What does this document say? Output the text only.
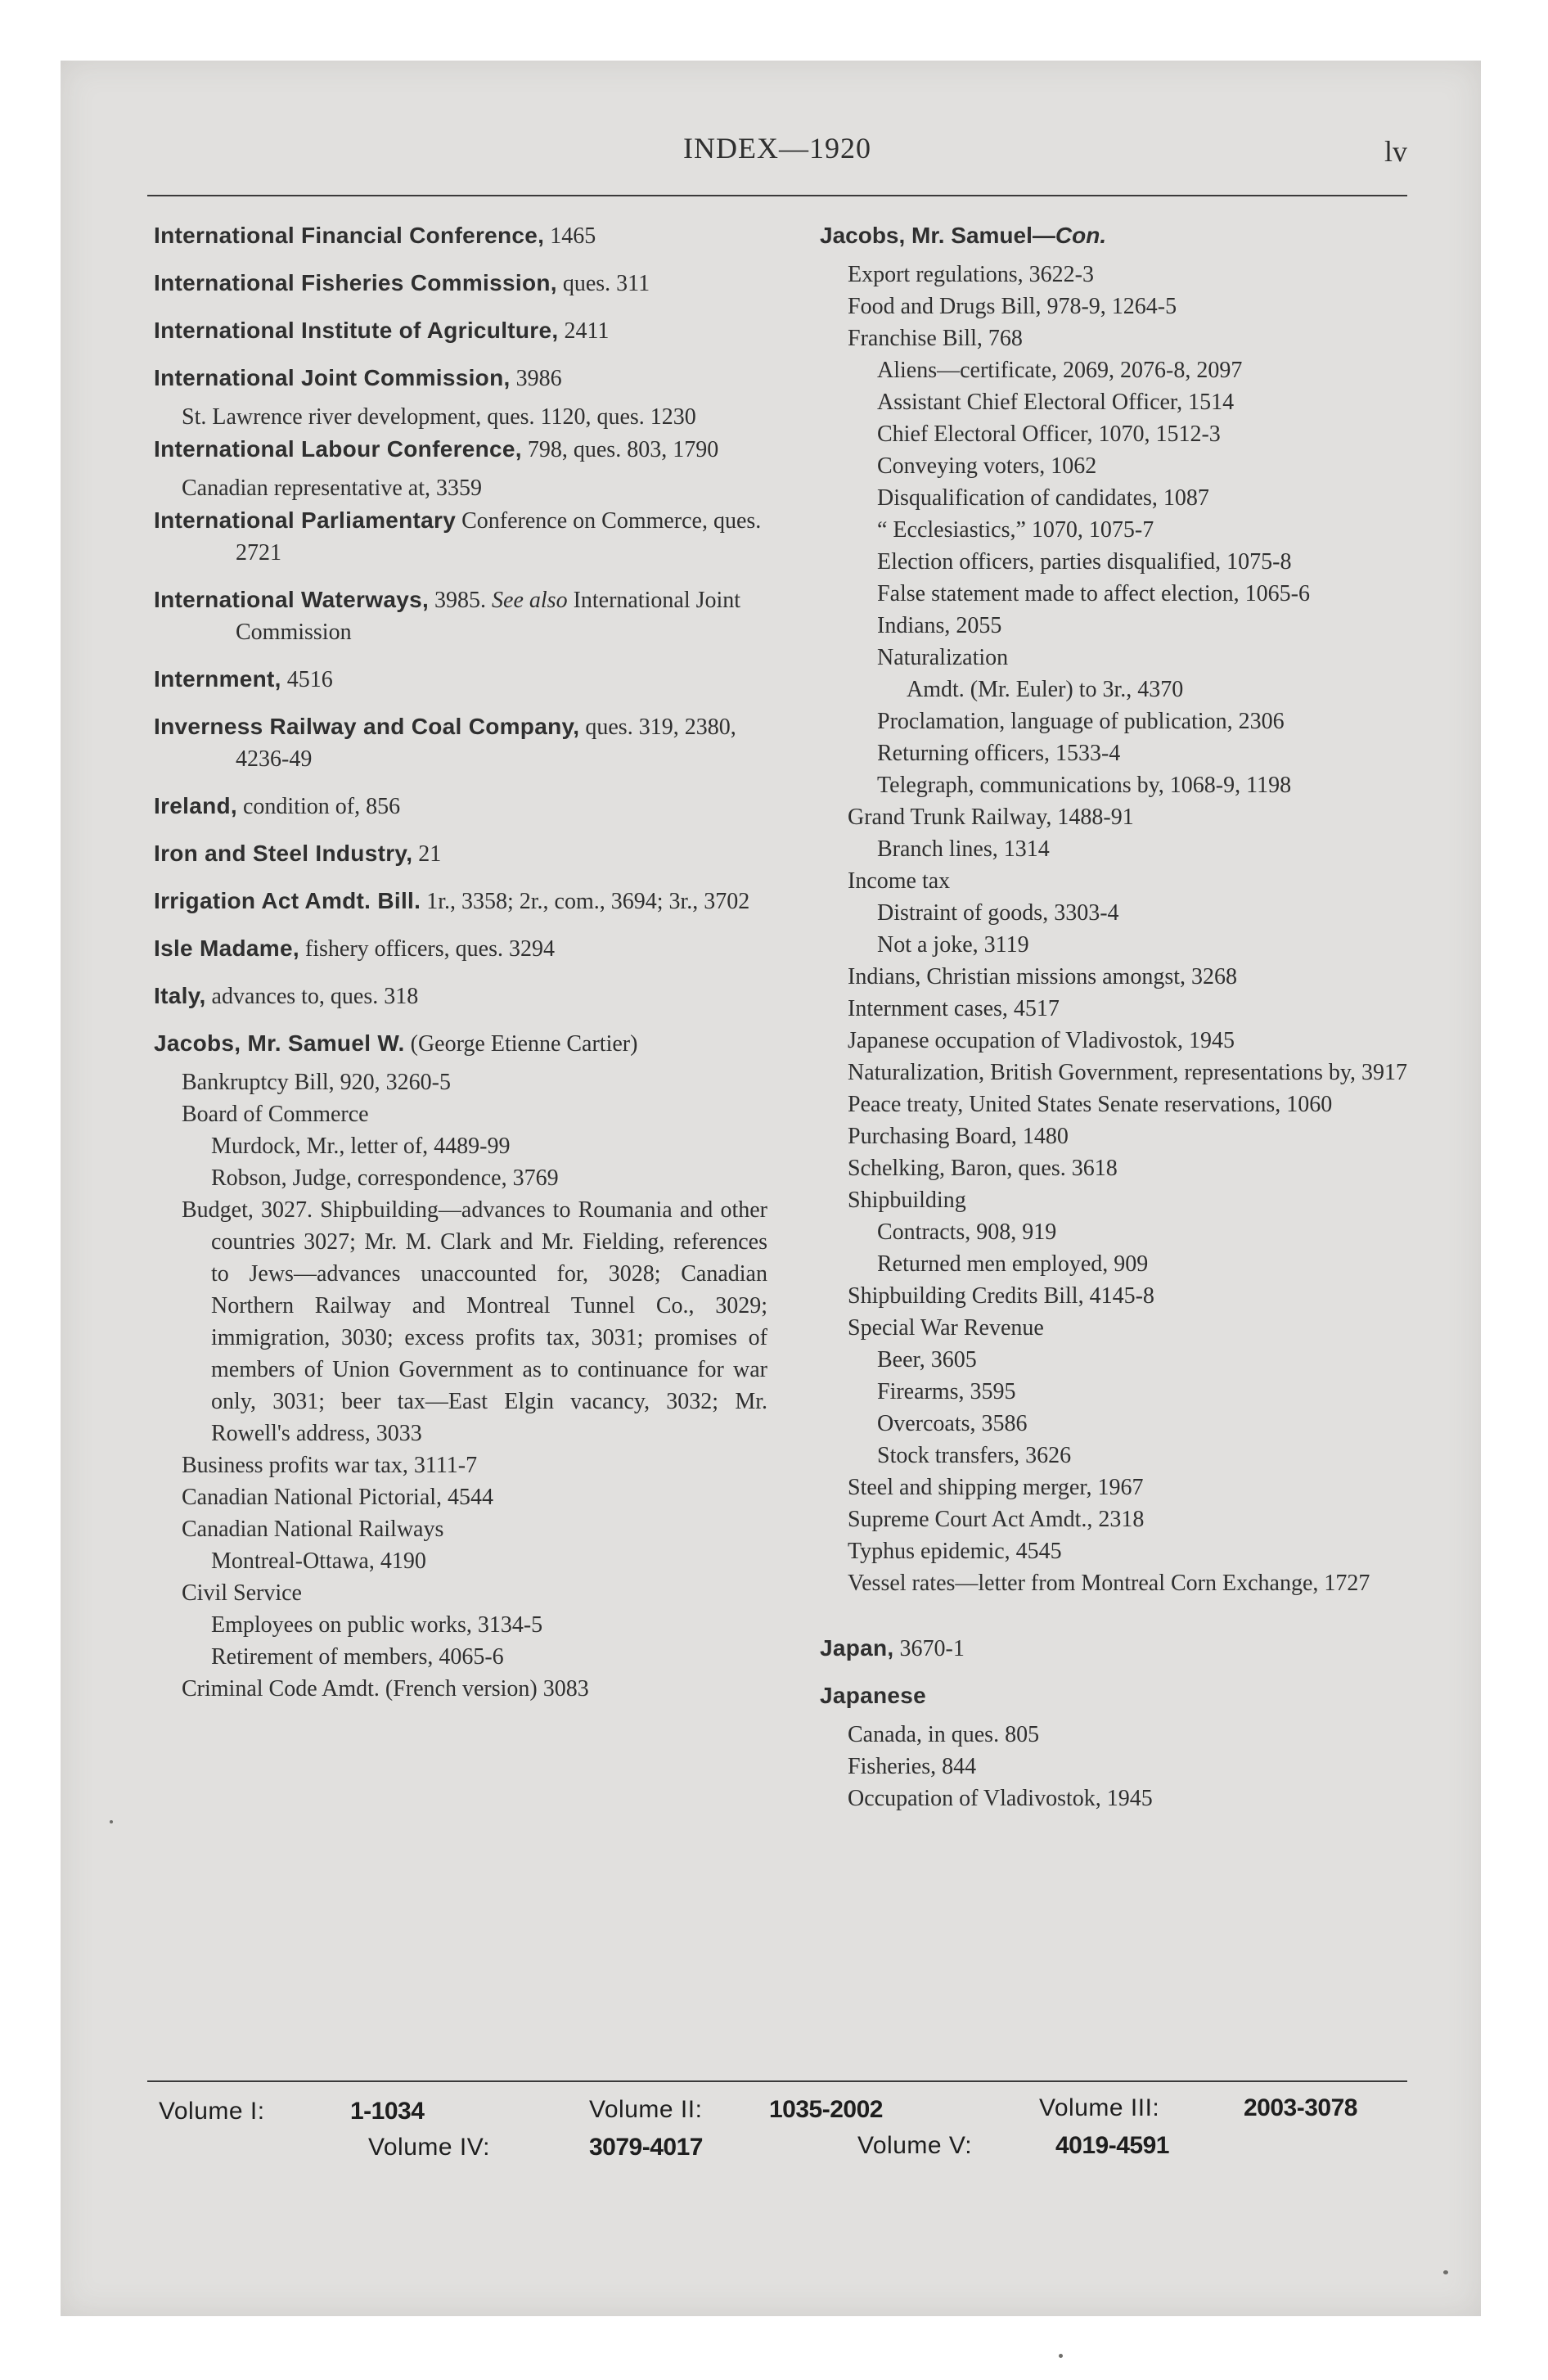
INDEX—1920	lv
International Financial Conference, 1465
International Fisheries Commission, ques. 311
International Institute of Agriculture, 2411
International Joint Commission, 3986
St. Lawrence river development, ques. 1120, ques. 1230
International Labour Conference, 798, ques. 803, 1790
Canadian representative at, 3359
International Parliamentary Conference on Commerce, ques. 2721
International Waterways, 3985. See also International Joint Commission
Internment, 4516
Inverness Railway and Coal Company, ques. 319, 2380, 4236-49
Ireland, condition of, 856
Iron and Steel Industry, 21
Irrigation Act Amdt. Bill. 1r., 3358; 2r., com., 3694; 3r., 3702
Isle Madame, fishery officers, ques. 3294
Italy, advances to, ques. 318
Jacobs, Mr. Samuel W. (George Etienne Cartier)
Bankruptcy Bill, 920, 3260-5
Board of Commerce
Murdock, Mr., letter of, 4489-99
Robson, Judge, correspondence, 3769
Budget, 3027. Shipbuilding—advances to Roumania and other countries 3027; Mr. M. Clark and Mr. Fielding, references to Jews—advances unaccounted for, 3028; Canadian Northern Railway and Montreal Tunnel Co., 3029; immigration, 3030; excess profits tax, 3031; promises of members of Union Government as to continuance for war only, 3031; beer tax—East Elgin vacancy, 3032; Mr. Rowell's address, 3033
Business profits war tax, 3111-7
Canadian National Pictorial, 4544
Canadian National Railways
Montreal-Ottawa, 4190
Civil Service
Employees on public works, 3134-5
Retirement of members, 4065-6
Criminal Code Amdt. (French version) 3083
Jacobs, Mr. Samuel—Con.
Export regulations, 3622-3
Food and Drugs Bill, 978-9, 1264-5
Franchise Bill, 768
Aliens—certificate, 2069, 2076-8, 2097
Assistant Chief Electoral Officer, 1514
Chief Electoral Officer, 1070, 1512-3
Conveying voters, 1062
Disqualification of candidates, 1087
“ Ecclesiastics,” 1070, 1075-7
Election officers, parties disqualified, 1075-8
False statement made to affect election, 1065-6
Indians, 2055
Naturalization
Amdt. (Mr. Euler) to 3r., 4370
Proclamation, language of publication, 2306
Returning officers, 1533-4
Telegraph, communications by, 1068-9, 1198
Grand Trunk Railway, 1488-91
Branch lines, 1314
Income tax
Distraint of goods, 3303-4
Not a joke, 3119
Indians, Christian missions amongst, 3268
Internment cases, 4517
Japanese occupation of Vladivostok, 1945
Naturalization, British Government, representations by, 3917
Peace treaty, United States Senate reservations, 1060
Purchasing Board, 1480
Schelking, Baron, ques. 3618
Shipbuilding
Contracts, 908, 919
Returned men employed, 909
Shipbuilding Credits Bill, 4145-8
Special War Revenue
Beer, 3605
Firearms, 3595
Overcoats, 3586
Stock transfers, 3626
Steel and shipping merger, 1967
Supreme Court Act Amdt., 2318
Typhus epidemic, 4545
Vessel rates—letter from Montreal Corn Exchange, 1727
Japan, 3670-1
Japanese
Canada, in ques. 805
Fisheries, 844
Occupation of Vladivostok, 1945
Volume I:	1-1034	Volume II:	1035-2002	Volume III:	2003-3078
Volume IV:	3079-4017	Volume V:	4019-4591
